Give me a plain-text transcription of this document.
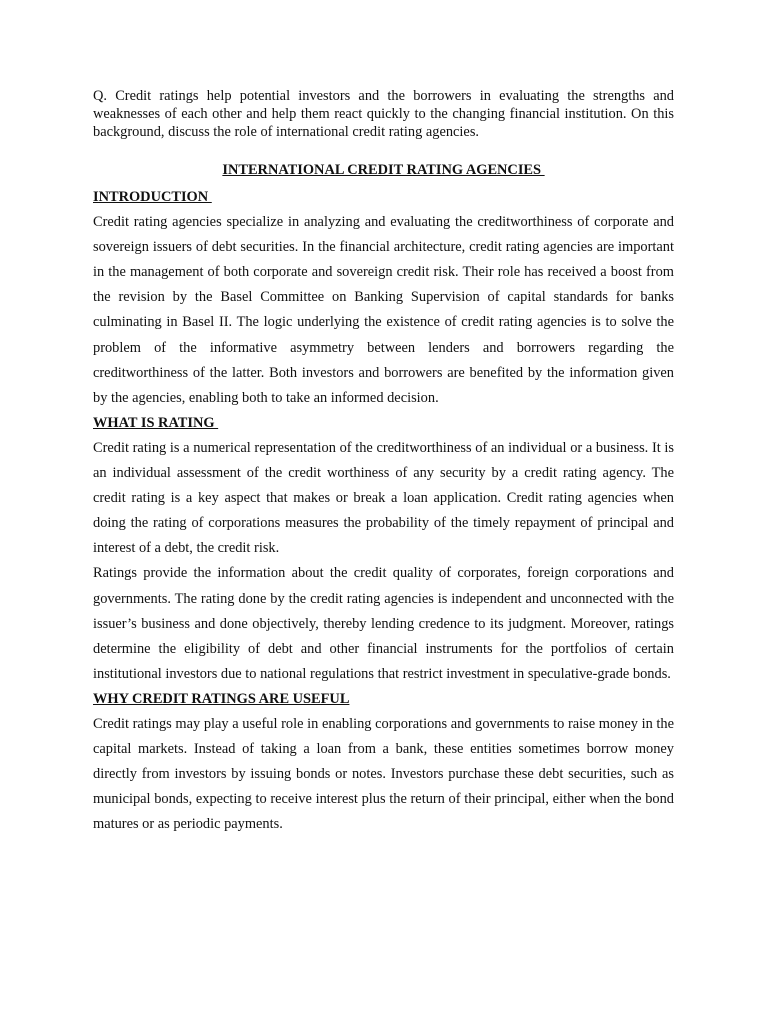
Q. Credit ratings help potential investors and the borrowers in evaluating the strengths and weaknesses of each other and help them react quickly to the changing financial institution. On this background, discuss the role of international credit rating agencies.

INTERNATIONAL CREDIT RATING AGENCIES
INTRODUCTION

Credit rating agencies specialize in analyzing and evaluating the creditworthiness of corporate and sovereign issuers of debt securities. In the financial architecture, credit rating agencies are important in the management of both corporate and sovereign credit risk. Their role has received a boost from the revision by the Basel Committee on Banking Supervision of capital standards for banks culminating in Basel II. The logic underlying the existence of credit rating agencies is to solve the problem of the informative asymmetry between lenders and borrowers regarding the creditworthiness of the latter. Both investors and borrowers are benefited by the information given by the agencies, enabling both to take an informed decision.

WHAT IS RATING

Credit rating is a numerical representation of the creditworthiness of an individual or a business. It is an individual assessment of the credit worthiness of any security by a credit rating agency. The credit rating is a key aspect that makes or break a loan application. Credit rating agencies when doing the rating of corporations measures the probability of the timely repayment of principal and interest of a debt, the credit risk.

Ratings provide the information about the credit quality of corporates, foreign corporations and governments. The rating done by the credit rating agencies is independent and unconnected with the issuer’s business and done objectively, thereby lending credence to its judgment. Moreover, ratings determine the eligibility of debt and other financial instruments for the portfolios of certain institutional investors due to national regulations that restrict investment in speculative-grade bonds.

WHY CREDIT RATINGS ARE USEFUL

Credit ratings may play a useful role in enabling corporations and governments to raise money in the capital markets. Instead of taking a loan from a bank, these entities sometimes borrow money directly from investors by issuing bonds or notes. Investors purchase these debt securities, such as municipal bonds, expecting to receive interest plus the return of their principal, either when the bond matures or as periodic payments.
